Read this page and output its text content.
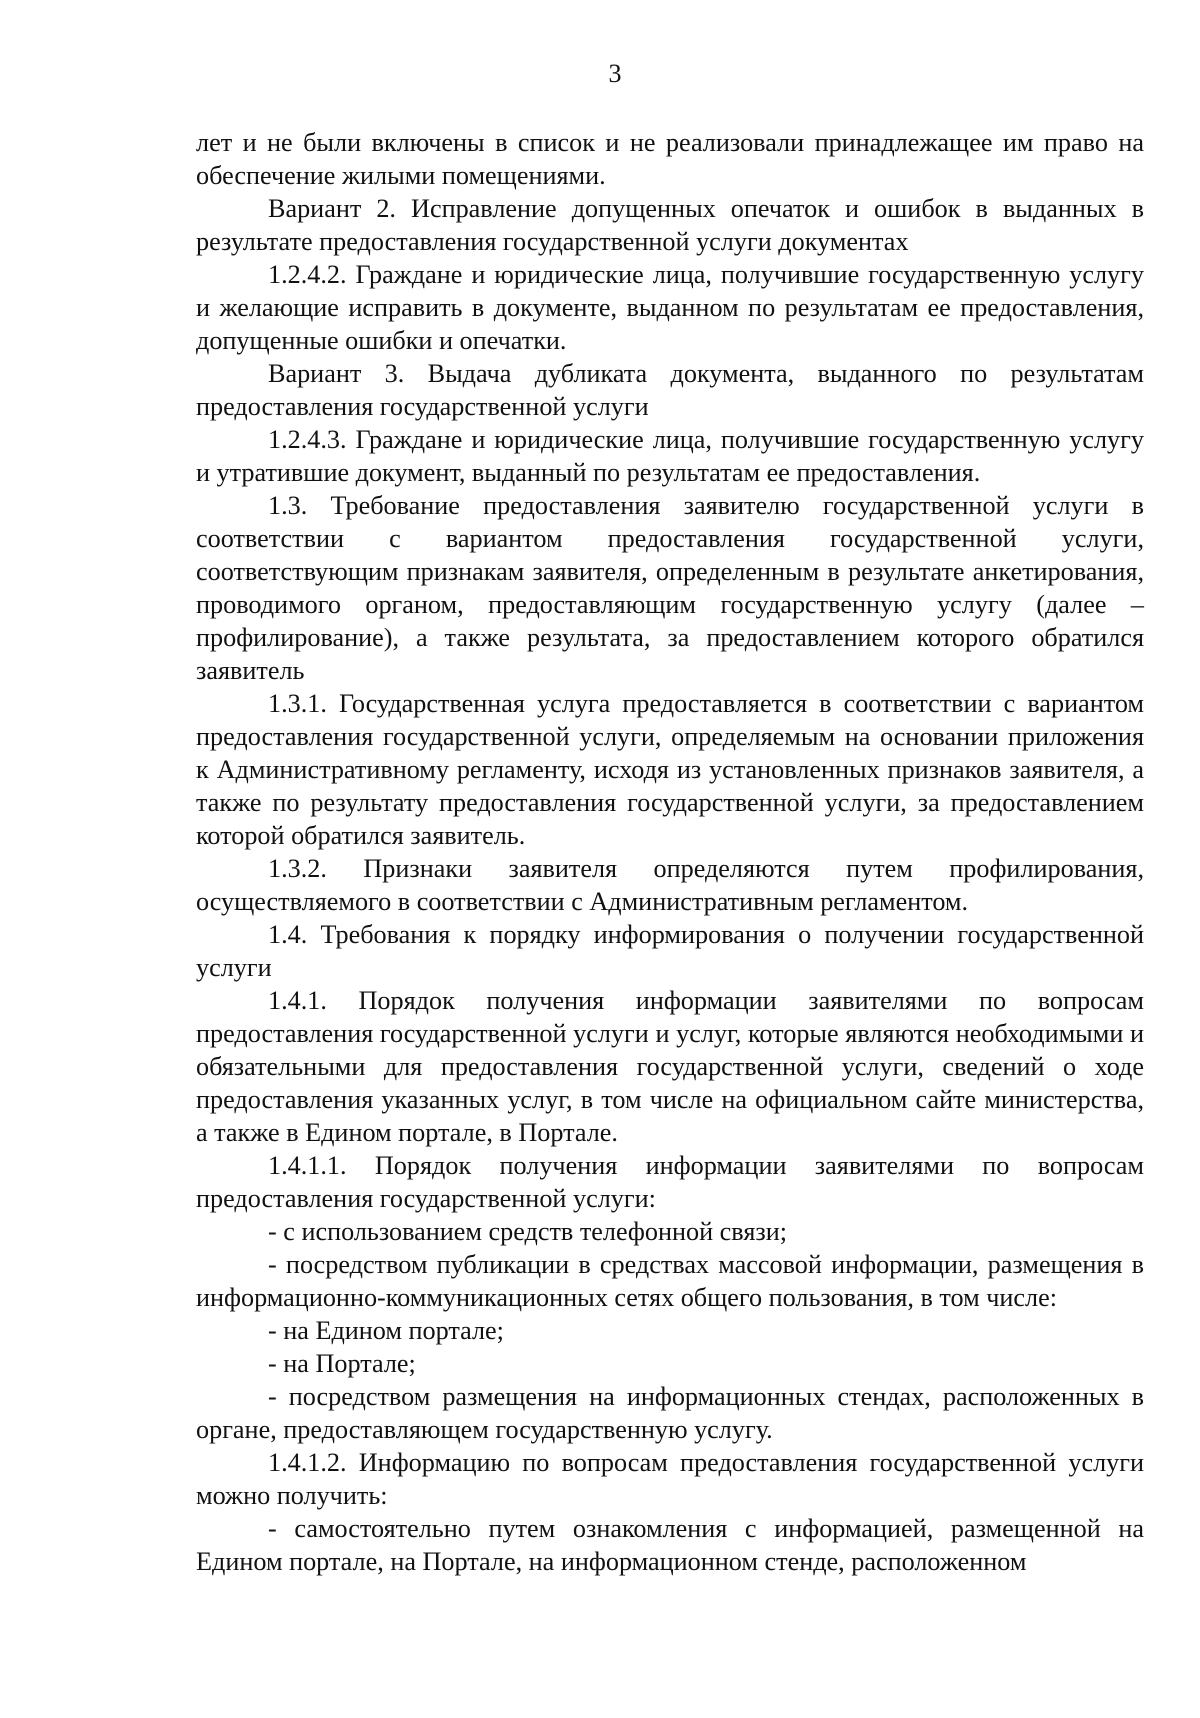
3

лет и не были включены в список и не реализовали принадлежащее им право на обеспечение жилыми помещениями.

Вариант 2. Исправление допущенных опечаток и ошибок в выданных в результате предоставления государственной услуги документах

1.2.4.2. Граждане и юридические лица, получившие государственную услугу и желающие исправить в документе, выданном по результатам ее предоставления, допущенные ошибки и опечатки.

Вариант 3. Выдача дубликата документа, выданного по результатам предоставления государственной услуги

1.2.4.3. Граждане и юридические лица, получившие государственную услугу и утратившие документ, выданный по результатам ее предоставления.

1.3. Требование предоставления заявителю государственной услуги в соответствии с вариантом предоставления государственной услуги, соответствующим признакам заявителя, определенным в результате анкетирования, проводимого органом, предоставляющим государственную услугу (далее – профилирование), а также результата, за предоставлением которого обратился заявитель

1.3.1. Государственная услуга предоставляется в соответствии с вариантом предоставления государственной услуги, определяемым на основании приложения к Административному регламенту, исходя из установленных признаков заявителя, а также по результату предоставления государственной услуги, за предоставлением которой обратился заявитель.

1.3.2. Признаки заявителя определяются путем профилирования, осуществляемого в соответствии с Административным регламентом.

1.4. Требования к порядку информирования о получении государственной услуги

1.4.1. Порядок получения информации заявителями по вопросам предоставления государственной услуги и услуг, которые являются необходимыми и обязательными для предоставления государственной услуги, сведений о ходе предоставления указанных услуг, в том числе на официальном сайте министерства, а также в Едином портале, в Портале.

1.4.1.1. Порядок получения информации заявителями по вопросам предоставления государственной услуги:

- с использованием средств телефонной связи;

- посредством публикации в средствах массовой информации, размещения в информационно-коммуникационных сетях общего пользования, в том числе:

- на Едином портале;

- на Портале;

- посредством размещения на информационных стендах, расположенных в органе, предоставляющем государственную услугу.

1.4.1.2. Информацию по вопросам предоставления государственной услуги можно получить:

- самостоятельно путем ознакомления с информацией, размещенной на Едином портале, на Портале, на информационном стенде, расположенном
